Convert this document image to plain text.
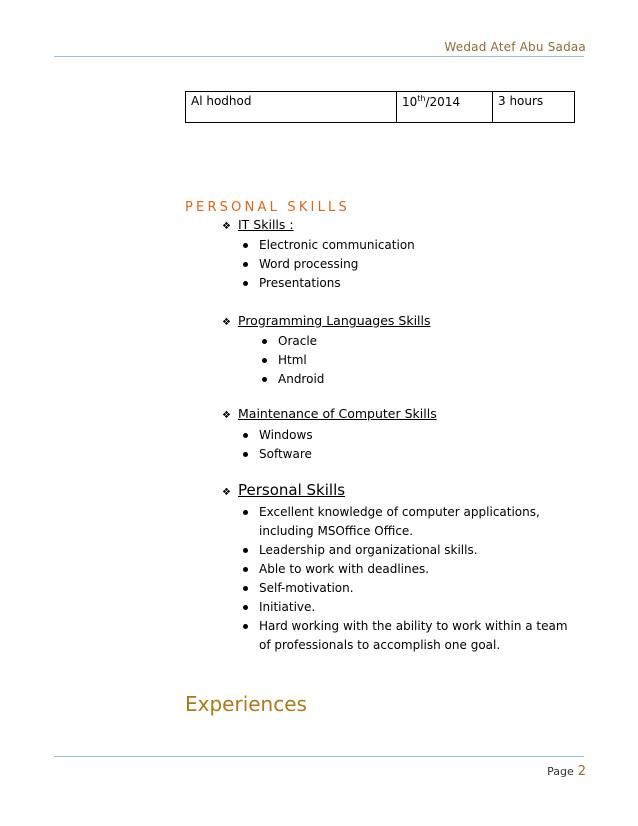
Wedad Atef Abu Sadaa
Al hodhod	10th/2014	3 hours
PERSONAL SKILLS
❖ IT Skills :
Electronic communication
Word processing
Presentations
❖ Programming Languages Skills
Oracle
Html
Android
❖ Maintenance of Computer Skills
Windows
Software
❖ Personal Skills
Excellent knowledge of computer applications, including MSOffice Office.
Leadership and organizational skills.
Able to work with deadlines.
Self-motivation.
Initiative.
Hard working with the ability to work within a team of professionals to accomplish one goal.
Experiences
Page 2
